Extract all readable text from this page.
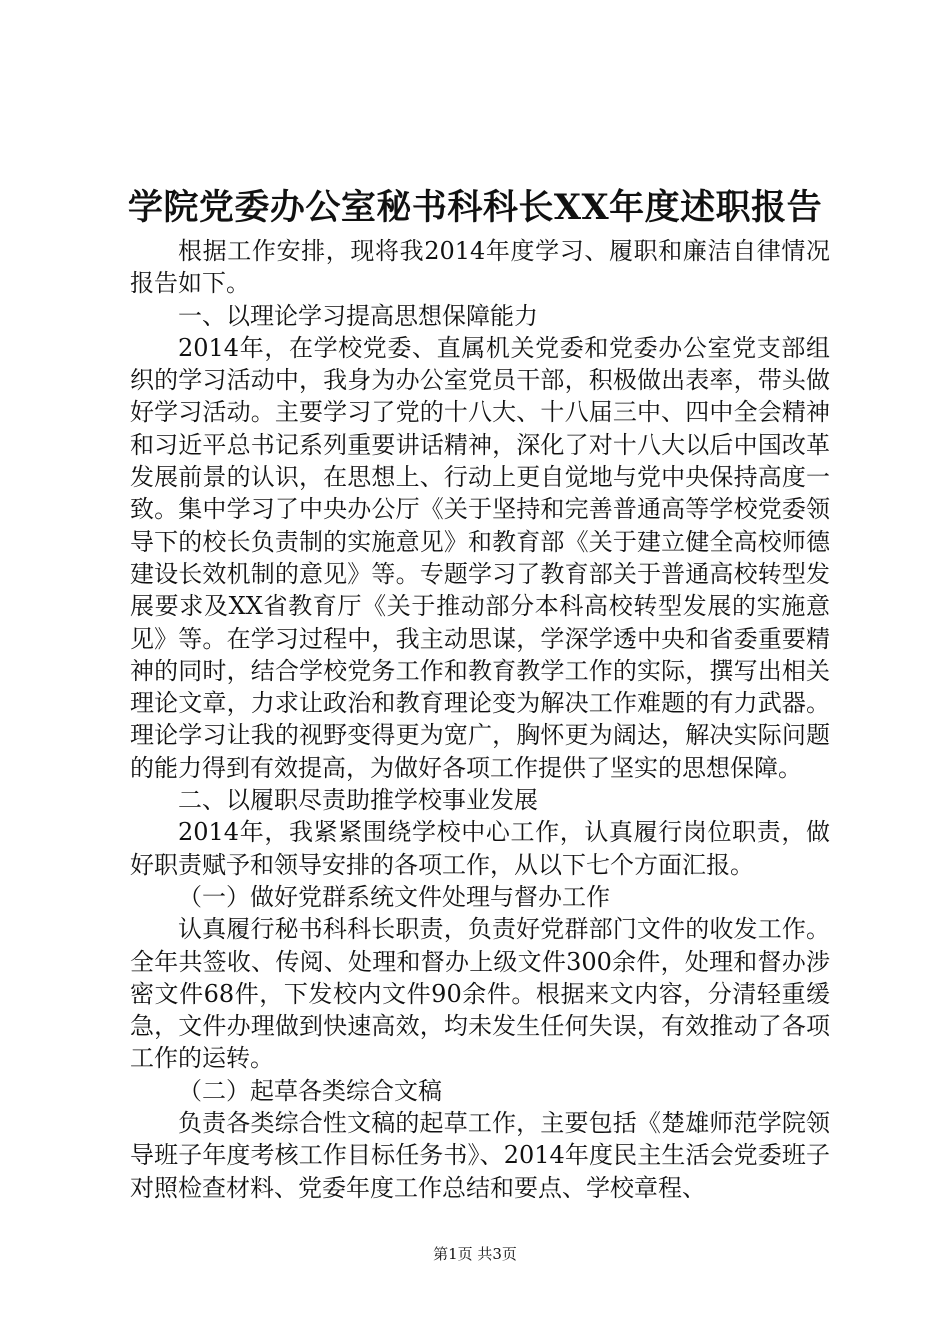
学院党委办公室秘书科科长XX年度述职报告

根据工作安排，现将我2014年度学习、履职和廉洁自律情况报告如下。

一、以理论学习提高思想保障能力

2014年，在学校党委、直属机关党委和党委办公室党支部组织的学习活动中，我身为办公室党员干部，积极做出表率，带头做好学习活动。主要学习了党的十八大、十八届三中、四中全会精神和习近平总书记系列重要讲话精神，深化了对十八大以后中国改革发展前景的认识，在思想上、行动上更自觉地与党中央保持高度一致。集中学习了中央办公厅《关于坚持和完善普通高等学校党委领导下的校长负责制的实施意见》和教育部《关于建立健全高校师德建设长效机制的意见》等。专题学习了教育部关于普通高校转型发展要求及XX省教育厅《关于推动部分本科高校转型发展的实施意见》等。在学习过程中，我主动思谋，学深学透中央和省委重要精神的同时，结合学校党务工作和教育教学工作的实际，撰写出相关理论文章，力求让政治和教育理论变为解决工作难题的有力武器。理论学习让我的视野变得更为宽广，胸怀更为阔达，解决实际问题的能力得到有效提高，为做好各项工作提供了坚实的思想保障。

二、以履职尽责助推学校事业发展

2014年，我紧紧围绕学校中心工作，认真履行岗位职责，做好职责赋予和领导安排的各项工作，从以下七个方面汇报。

（一）做好党群系统文件处理与督办工作

认真履行秘书科科长职责，负责好党群部门文件的收发工作。全年共签收、传阅、处理和督办上级文件300余件，处理和督办涉密文件68件，下发校内文件90余件。根据来文内容，分清轻重缓急，文件办理做到快速高效，均未发生任何失误，有效推动了各项工作的运转。

（二）起草各类综合文稿

负责各类综合性文稿的起草工作，主要包括《楚雄师范学院领导班子年度考核工作目标任务书》、2014年度民主生活会党委班子对照检查材料、党委年度工作总结和要点、学校章程、

第1页 共3页
